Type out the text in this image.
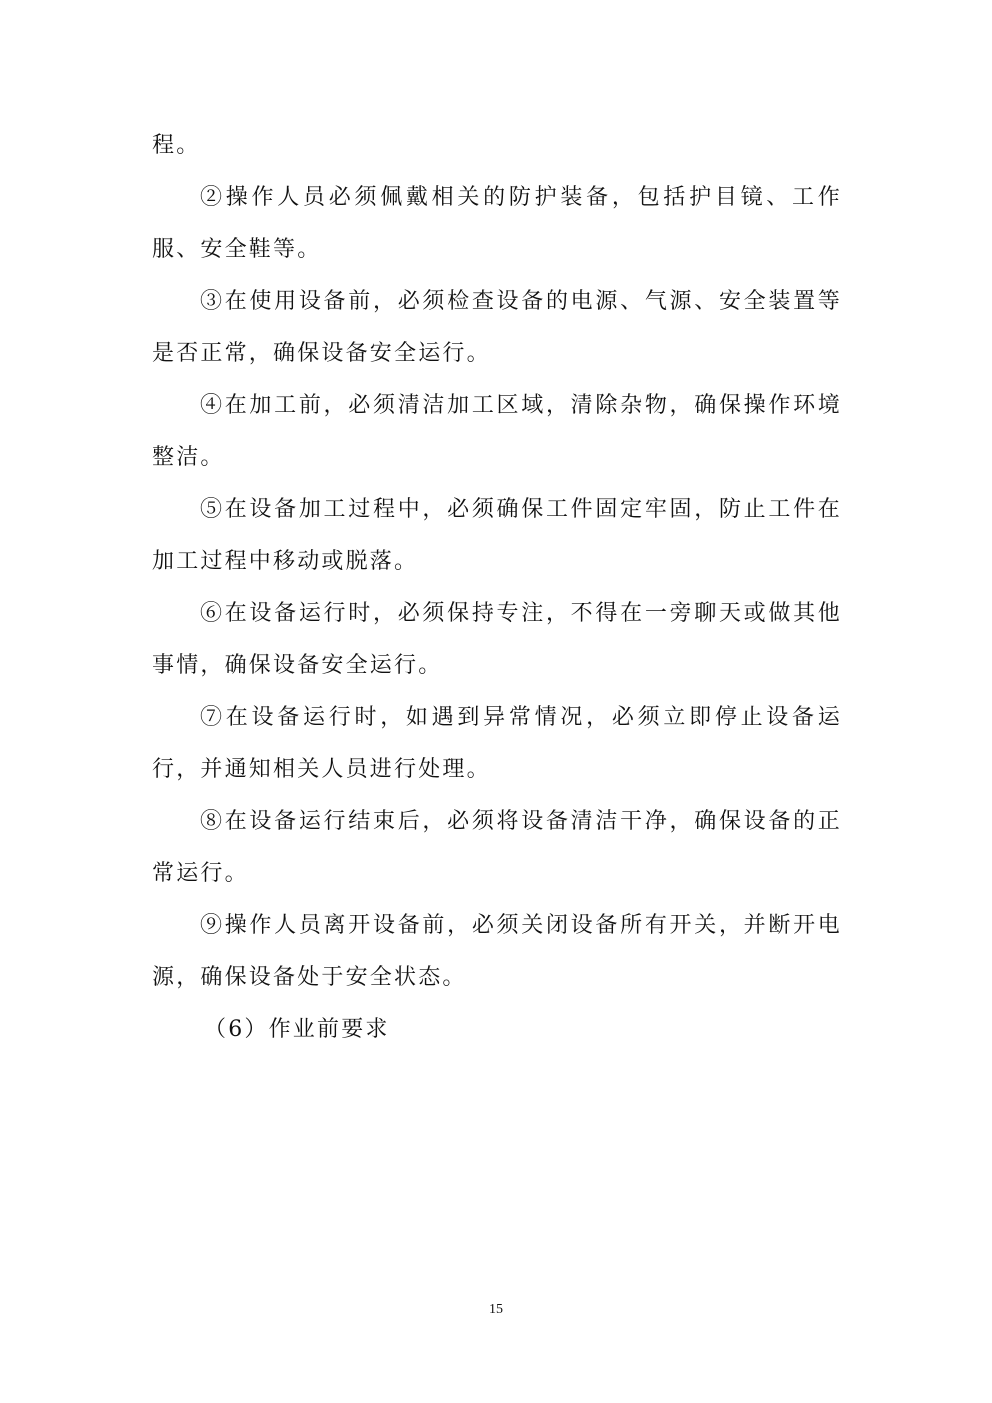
程。

②操作人员必须佩戴相关的防护装备，包括护目镜、工作服、安全鞋等。

③在使用设备前，必须检查设备的电源、气源、安全装置等是否正常，确保设备安全运行。

④在加工前，必须清洁加工区域，清除杂物，确保操作环境整洁。

⑤在设备加工过程中，必须确保工件固定牢固，防止工件在加工过程中移动或脱落。

⑥在设备运行时，必须保持专注，不得在一旁聊天或做其他事情，确保设备安全运行。

⑦在设备运行时，如遇到异常情况，必须立即停止设备运行，并通知相关人员进行处理。

⑧在设备运行结束后，必须将设备清洁干净，确保设备的正常运行。

⑨操作人员离开设备前，必须关闭设备所有开关，并断开电源，确保设备处于安全状态。

（6）作业前要求

15
